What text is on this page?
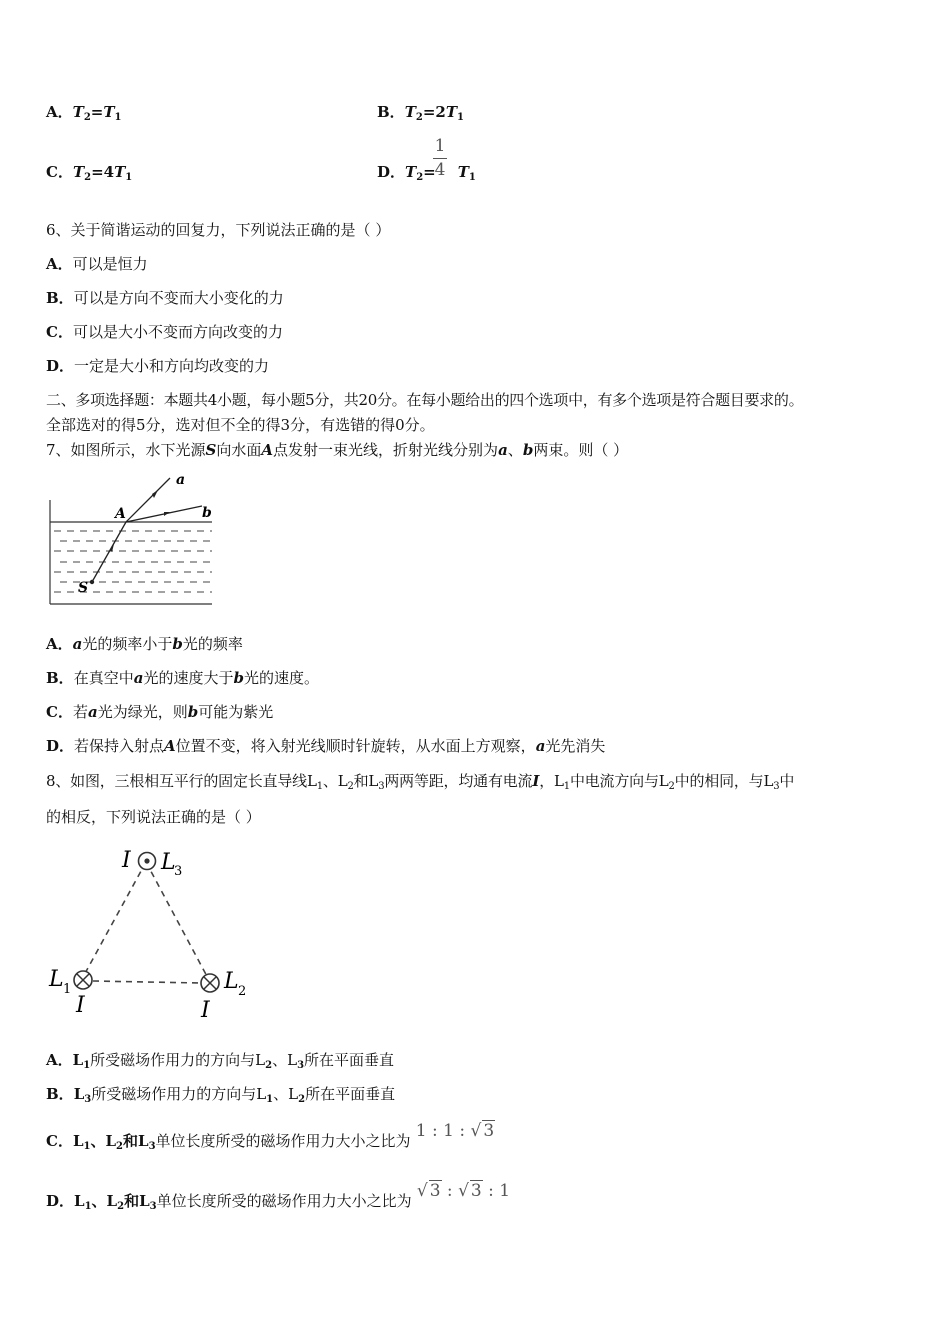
A．$T_2=T_1$	B．$T_2=2T_1$
C．$T_2=4T_1$	D．$T_2= T_1$
1
4
6、关于简谐运动的回复力，下列说法正确的是（ ）
A．可以是恒力
B．可以是方向不变而大小变化的力
C．可以是大小不变而方向改变的力
D．一定是大小和方向均改变的力
二、多项选择题：本题共4小题，每小题5分，共20分。在每小题给出的四个选项中，有多个选项是符合题目要求的。
全部选对的得5分，选对但不全的得3分，有选错的得0分。
7、如图所示，水下光源S向水面A点发射一束光线，折射光线分别为a、b两束。则（ ）
A
a
b
S
A．a光的频率小于b光的频率
B．在真空中a光的速度大于b光的速度。
C．若a光为绿光，则b可能为紫光
D．若保持入射点A位置不变，将入射光线顺时针旋转，从水面上方观察，a光先消失
8、如图，三根相互平行的固定长直导线$L_1$、$L_2$和$L_3$两两等距，均通有电流I，$L_1$中电流方向与$L_2$中的相同，与$L_3$中
的相反，下列说法正确的是（ ）
I L
3
L 1
I
L 2
I
A．$L_1$所受磁场作用力的方向与$L_2$、$L_3$所在平面垂直
B．$L_3$所受磁场作用力的方向与$L_1$、$L_2$所在平面垂直
C．$L_1$、$L_2$和$L_3$单位长度所受的磁场作用力大小之比为 1 : 1 : √ 3
D．$L_1$、$L_2$和$L_3$单位长度所受的磁场作用力大小之比为 √ 3 : √ 3 : 1
